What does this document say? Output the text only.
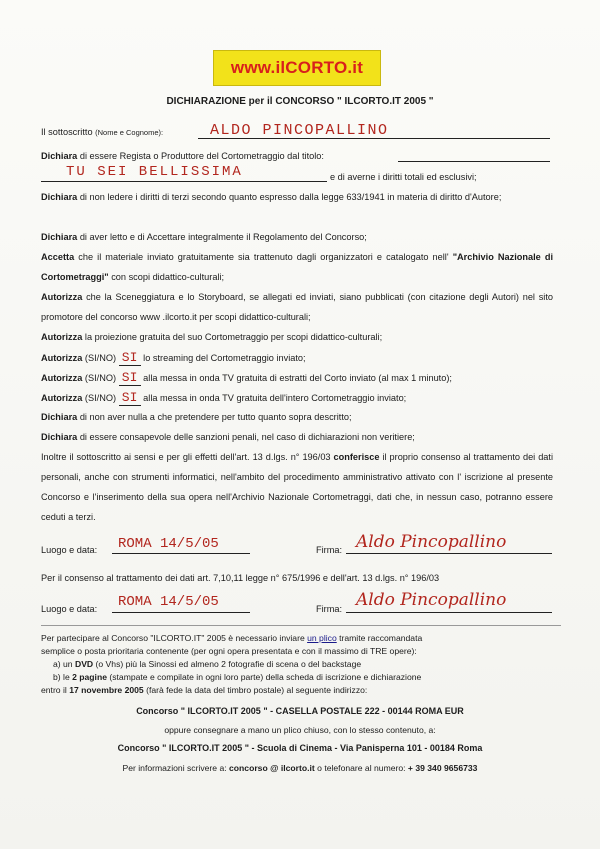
www.ilCORTO.it
DICHIARAZIONE per il CONCORSO " ILCORTO.IT 2005 "
Il sottoscritto (Nome e Cognome):	ALDO PINCOPALLINO
Dichiara di essere Regista o Produttore del Cortometraggio dal titolo:
TU SEI BELLISSIMA	e di averne i diritti totali ed esclusivi;
Dichiara di non ledere i diritti di terzi secondo quanto espresso dalla legge 633/1941 in materia di diritto d'Autore;
Dichiara di aver letto e di Accettare integralmente il Regolamento del Concorso;
Accetta che il materiale inviato gratuitamente sia trattenuto dagli organizzatori e catalogato nell' "Archivio Nazionale di Cortometraggi" con scopi didattico-culturali;
Autorizza che la Sceneggiatura e lo Storyboard, se allegati ed inviati, siano pubblicati (con citazione degli Autori) nel sito promotore del concorso www .ilcorto.it per scopi didattico-culturali;
Autorizza la proiezione gratuita del suo Cortometraggio per scopi didattico-culturali;
Autorizza (SI/NO) SI lo streaming del Cortometraggio inviato;
Autorizza (SI/NO) SI alla messa in onda TV gratuita di estratti del Corto inviato (al max 1 minuto);
Autorizza (SI/NO) SI alla messa in onda TV gratuita dell'intero Cortometraggio inviato;
Dichiara di non aver nulla a che pretendere per tutto quanto sopra descritto;
Dichiara di essere consapevole delle sanzioni penali, nel caso di dichiarazioni non veritiere;
Inoltre il sottoscritto ai sensi e per gli effetti dell'art. 13 d.lgs. n° 196/03 conferisce il proprio consenso al trattamento dei dati personali, anche con strumenti informatici, nell'ambito del procedimento amministrativo attivato con l' iscrizione al presente Concorso e l'inserimento della sua opera nell'Archivio Nazionale Cortometraggi, dati che, in nessun caso, potranno essere ceduti a terzi.
Luogo e data: ROMA 14/5/05	Firma: Aldo Pincopallino
Per il consenso al trattamento dei dati art. 7,10,11 legge n° 675/1996 e dell'art. 13 d.lgs. n° 196/03
Luogo e data: ROMA 14/5/05	Firma: Aldo Pincopallino
Per partecipare al Concorso "ILCORTO.IT" 2005 è necessario inviare un plico tramite raccomandata
semplice o posta prioritaria contenente (per ogni opera presentata e con il massimo di TRE opere):
a) un DVD (o Vhs) più la Sinossi ed almeno 2 fotografie di scena o del backstage
b) le 2 pagine (stampate e compilate in ogni loro parte) della scheda di iscrizione e dichiarazione
entro il 17 novembre 2005 (farà fede la data del timbro postale) al seguente indirizzo:
Concorso " ILCORTO.IT 2005 " - CASELLA POSTALE 222 - 00144 ROMA EUR
oppure consegnare a mano un plico chiuso, con lo stesso contenuto, a:
Concorso " ILCORTO.IT 2005 " - Scuola di Cinema - Via Panisperna 101 - 00184 Roma
Per informazioni scrivere a: concorso @ ilcorto.it o telefonare al numero: + 39 340 9656733
